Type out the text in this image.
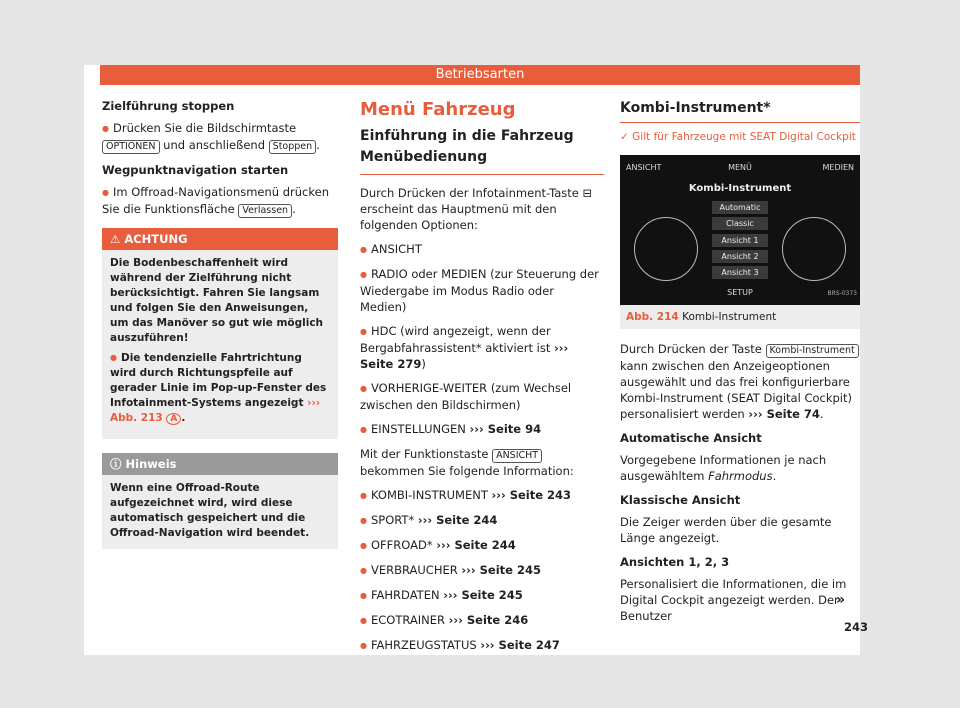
Betriebsarten
Zielführung stoppen

● Drücken Sie die Bildschirmtaste OPTIONEN und anschließend Stoppen .

Wegpunktnavigation starten

● Im Offroad-Navigationsmenü drücken Sie die Funktionsfläche Verlassen .

⚠ ACHTUNG

Die Bodenbeschaffenheit wird während der Zielführung nicht berücksichtigt. Fahren Sie langsam und folgen Sie den Anweisungen, um das Manöver so gut wie möglich auszuführen!

● Die tendenzielle Fahrtrichtung wird durch Richtungspfeile auf gerader Linie im Pop-up-Fenster des Infotainment-Systems angezeigt ››› Abb. 213 A .

ⓘ Hinweis
Wenn eine Offroad-Route aufgezeichnet wird, wird diese automatisch gespeichert und die Offroad-Navigation wird beendet.
Menü Fahrzeug
Einführung in die Fahrzeug Menübedienung

Durch Drücken der Infotainment-Taste ⊟ erscheint das Hauptmenü mit den folgenden Optionen:

● ANSICHT

● RADIO oder MEDIEN (zur Steuerung der Wiedergabe im Modus Radio oder Medien)

● HDC (wird angezeigt, wenn der Bergabfahrassistent* aktiviert ist ››› Seite 279)

● VORHERIGE-WEITER (zum Wechsel zwischen den Bildschirmen)

● EINSTELLUNGEN ››› Seite 94

Mit der Funktionstaste ANSICHT bekommen Sie folgende Information:

● KOMBI-INSTRUMENT ››› Seite 243

● SPORT* ››› Seite 244

● OFFROAD* ››› Seite 244

● VERBRAUCHER ››› Seite 245

● FAHRDATEN ››› Seite 245

● ECOTRAINER ››› Seite 246

● FAHRZEUGSTATUS ››› Seite 247

Kombi-Instrument*
✓ Gilt für Fahrzeuge mit SEAT Digital Cockpit
ANSICHT	MENÜ	MEDIEN
Kombi-Instrument
Automatic
Classic
Ansicht 1
Ansicht 2
Ansicht 3
SETUP	BRS-0373
Abb. 214 Kombi-Instrument

Durch Drücken der Taste Kombi-Instrument kann zwischen den Anzeigeoptionen ausgewählt und das frei konfigurierbare Kombi-Instrument (SEAT Digital Cockpit) personalisiert werden ››› Seite 74.

Automatische Ansicht

Vorgegebene Informationen je nach ausgewähltem Fahrmodus.

Klassische Ansicht

Die Zeiger werden über die gesamte Länge angezeigt.

Ansichten 1, 2, 3

Personalisiert die Informationen, die im Digital Cockpit angezeigt werden. Der Benutzer

»
243
